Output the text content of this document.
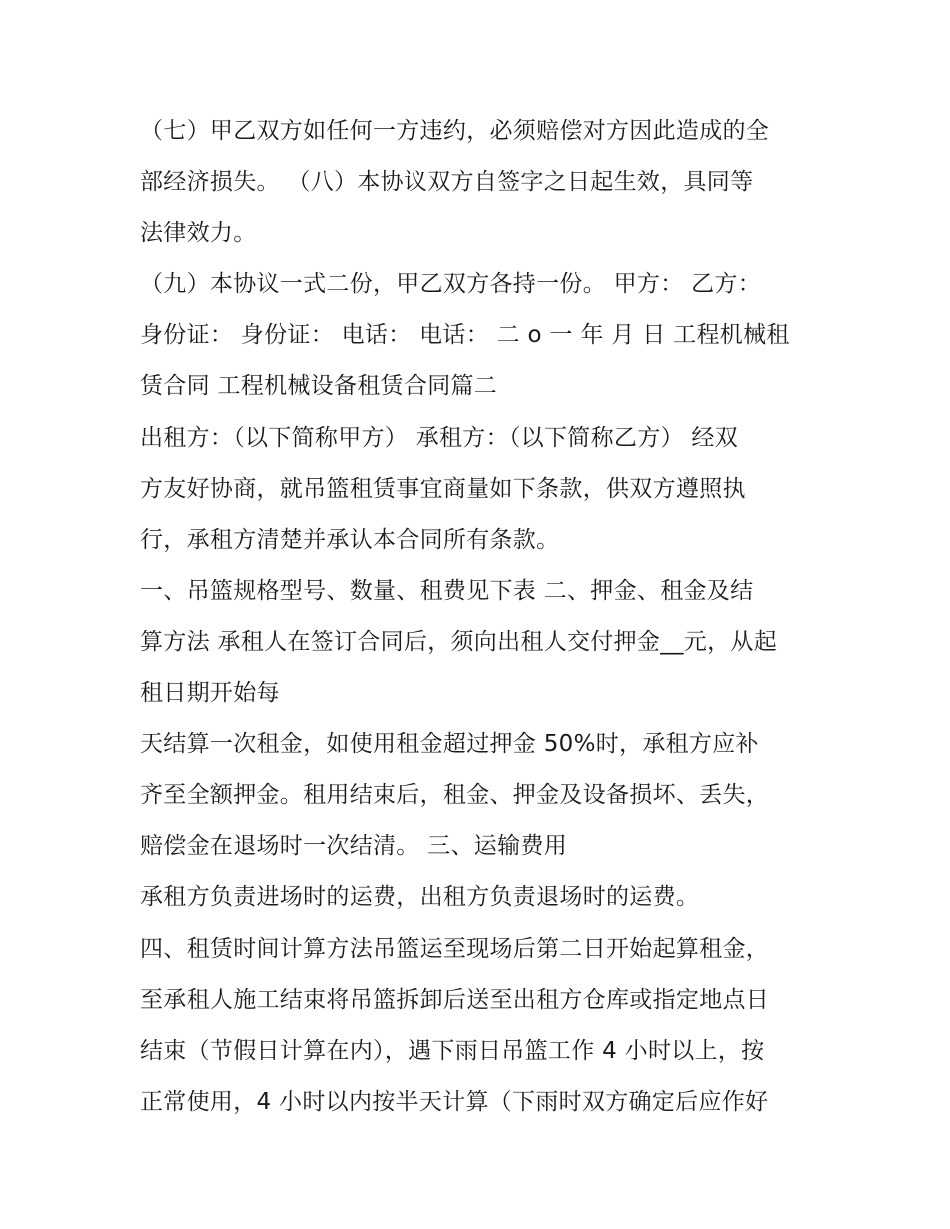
（七）甲乙双方如任何一方违约，必须赔偿对方因此造成的全
部经济损失。 （八）本协议双方自签字之日起生效，具同等
法律效力。
（九）本协议一式二份，甲乙双方各持一份。 甲方： 乙方：
身份证： 身份证： 电话： 电话： 二 o 一 年 月 日 工程机械租
赁合同 工程机械设备租赁合同篇二
出租方：（以下简称甲方） 承租方：（以下简称乙方） 经双
方友好协商，就吊篮租赁事宜商量如下条款，供双方遵照执
行，承租方清楚并承认本合同所有条款。
一、吊篮规格型号、数量、租费见下表 二、押金、租金及结
算方法 承租人在签订合同后，须向出租人交付押金__元，从起
租日期开始每
天结算一次租金，如使用租金超过押金 50%时，承租方应补
齐至全额押金。租用结束后，租金、押金及设备损坏、丢失，
赔偿金在退场时一次结清。 三、运输费用
承租方负责进场时的运费，出租方负责退场时的运费。
四、租赁时间计算方法吊篮运至现场后第二日开始起算租金，
至承租人施工结束将吊篮拆卸后送至出租方仓库或指定地点日
结束（节假日计算在内），遇下雨日吊篮工作 4 小时以上，按
正常使用，4 小时以内按半天计算（下雨时双方确定后应作好
